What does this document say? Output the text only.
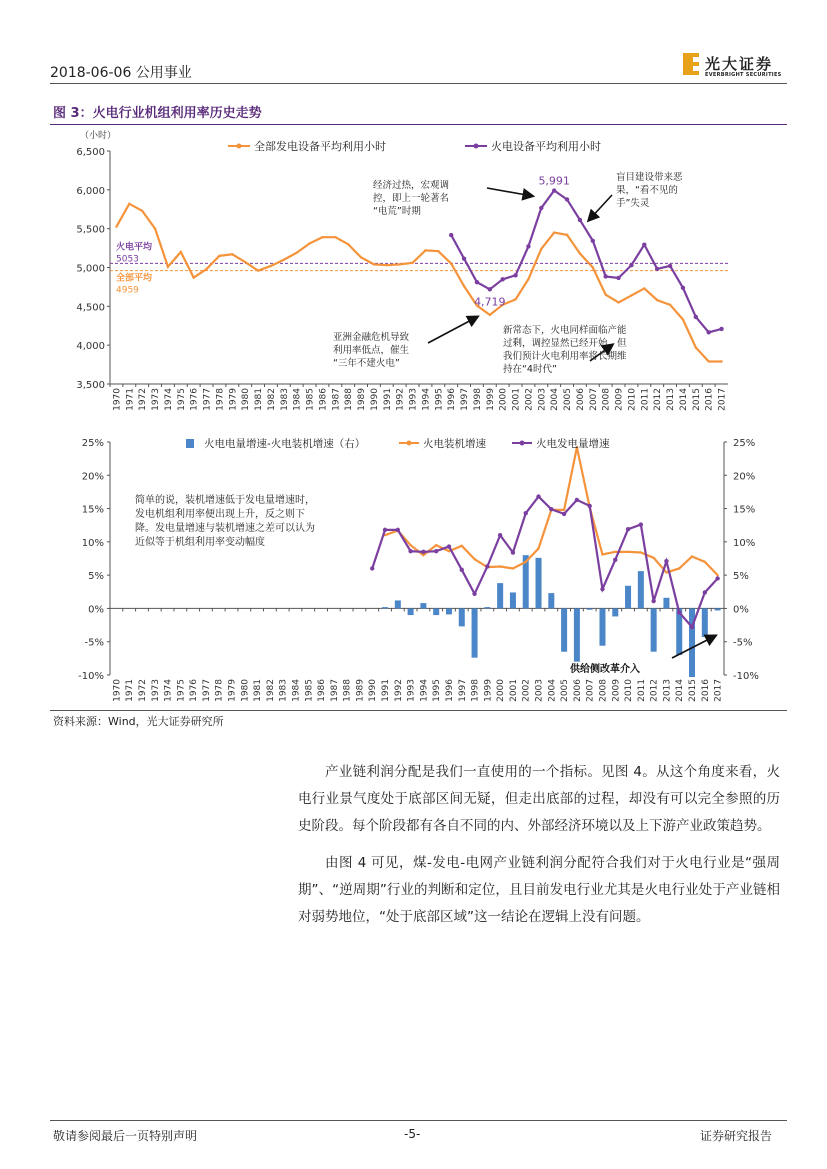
2018-06-06 公用事业	光大证券
EVERBRIGHT SECURITIES
图 3：火电行业机组利用率历史走势
（小时）
6,500
6,000
5,500
5,000
4,500
4,000
3,500
1970 1971 1972 1973 1974 1975 1976 1977 1978 1979 1980 1981 1982 1983 1984 1985 1986 1987 1988 1989 1990 1991 1992 1993 1994 1995 1996 1997 1998 1999 2000 2001 2002 2003 2004 2005 2006 2007 2008 2009 2010 2011 2012 2013 2014 2015 2016 2017
火电平均
5053
全部平均
4959
全部发电设备平均利用小时	火电设备平均利用小时
5,991
4,719
经济过热，宏观调
控，即上一轮著名
“电荒”时期
盲目建设带来恶
果，“看不见的
手”失灵
亚洲金融危机导致
利用率低点，催生
“三年不建火电”
新常态下，火电同样面临产能
过剩，调控显然已经开始，但
我们预计火电利用率将长期维
持在“4时代”
25%
20%
15%
10%
5%
0%
-5%
-10%
25%
20%
15%
10%
5%
0%
-5%
-10%
1970 1971 1972 1973 1974 1975 1976 1977 1978 1979 1980 1981 1982 1983 1984 1985 1986 1987 1988 1989 1990 1991 1992 1993 1994 1995 1996 1997 1998 1999 2000 2001 2002 2003 2004 2005 2006 2007 2008 2009 2010 2011 2012 2013 2014 2015 2016 2017
火电电量增速-火电装机增速（右）	火电装机增速	火电发电量增速
简单的说，装机增速低于发电量增速时，
发电机组利用率便出现上升，反之则下
降。发电量增速与装机增速之差可以认为
近似等于机组利用率变动幅度
供给侧改革介入
资料来源：Wind，光大证券研究所

产业链利润分配是我们一直使用的一个指标。见图 4。从这个角度来看，火电行业景气度处于底部区间无疑，但走出底部的过程，却没有可以完全参照的历史阶段。每个阶段都有各自不同的内、外部经济环境以及上下游产业政策趋势。

由图 4 可见，煤-发电-电网产业链利润分配符合我们对于火电行业是“强周期”、“逆周期”行业的判断和定位，且目前发电行业尤其是火电行业处于产业链相对弱势地位，“处于底部区域”这一结论在逻辑上没有问题。

敬请参阅最后一页特别声明	-5-	证券研究报告
